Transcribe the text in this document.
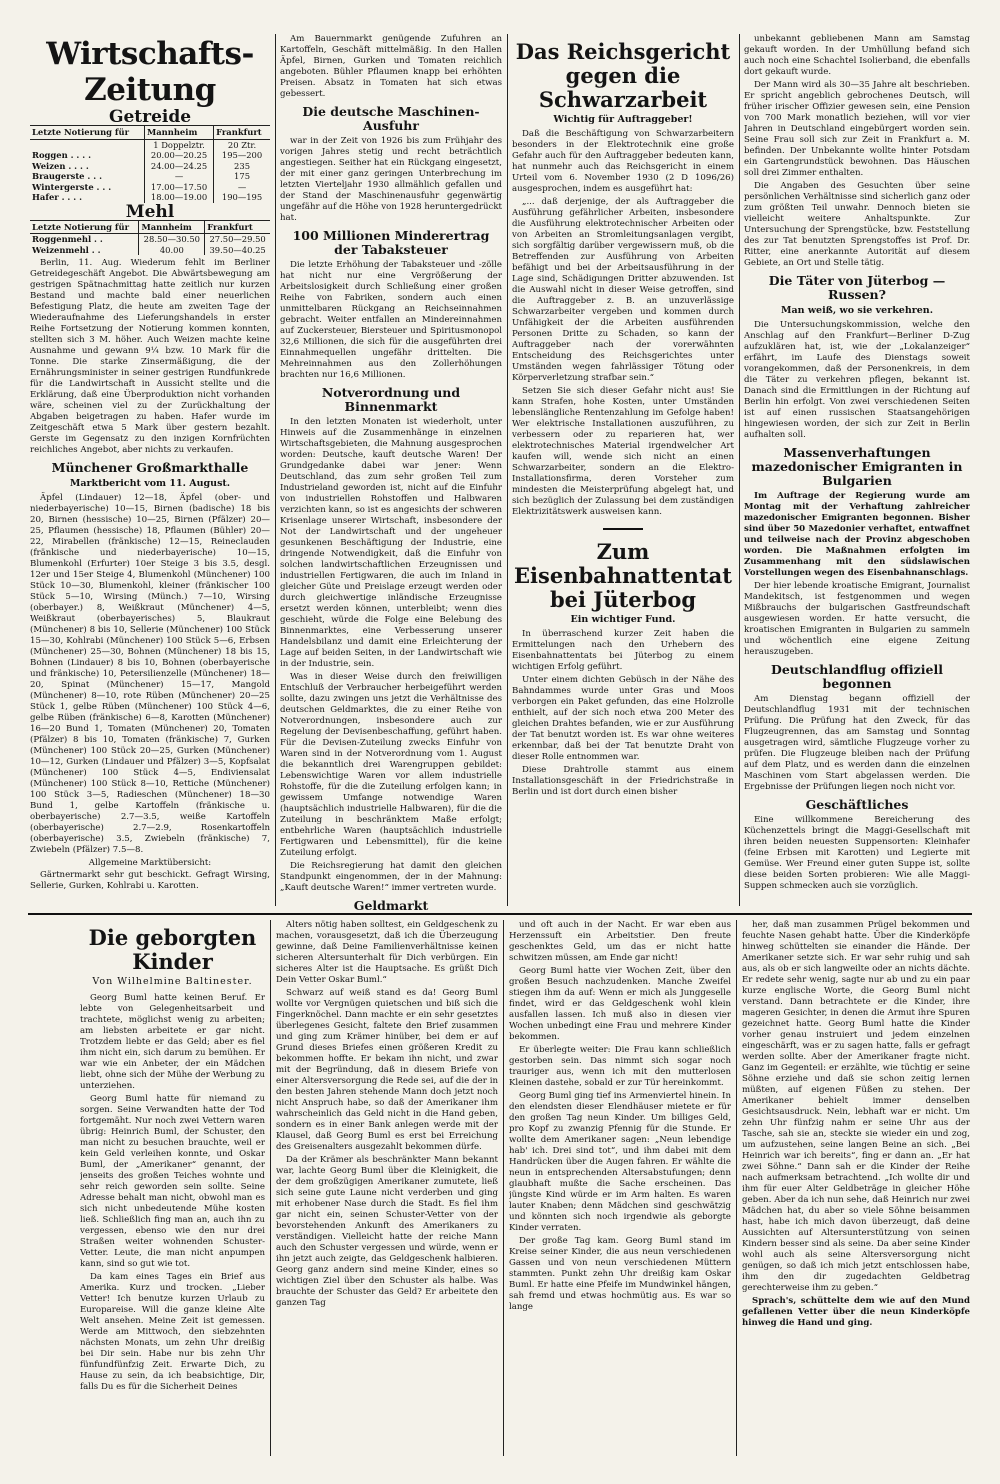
Wirtschafts-Zeitung
Getreide
Letzte Notierung für	Mannheim	Frankfurt
	1 Doppelztr.	20 Ztr.
Roggen . . . .	20.00—20.25	195—200
Weizen . . . .	24.00—24.25	235
Braugerste . . .	—	175
Wintergerste . . .	17.00—17.50	—
Hafer . . . .	18.00—19.00	190—195
Mehl
Letzte Notierung für	Mannheim	Frankfurt
Roggenmehl . .	28.50—30.50	27.50—29.50
Weizenmehl . .	40.00	39.50—40.25

Berlin, 11. Aug. Wiederum fehlt im Berliner Getreidegeschäft Angebot. Die Abwärtsbewegung am gestrigen Spätnachmittag hatte zeitlich nur kurzen Bestand und machte bald einer neuerlichen Befestigung Platz, die heute am zweiten Tage der Wiederaufnahme des Lieferungshandels in erster Reihe Fortsetzung der Notierung kommen konnten, stellten sich 3 M. höher. Auch Weizen machte keine Ausnahme und gewann 9¼ bzw. 10 Mark für die Tonne. Die starke Zinsermäßigung, die der Ernährungsminister in seiner gestrigen Rundfunkrede für die Landwirtschaft in Aussicht stellte und die Erklärung, daß eine Überproduktion nicht vorhanden wäre, scheinen viel zu der Zurückhaltung der Abgaben beigetragen zu haben. Hafer wurde im Zeitgeschäft etwa 5 Mark über gestern bezahlt. Gerste im Gegensatz zu den inzigen Kornfrüchten reichliches Angebot, aber nichts zu verkaufen.

Münchener Großmarkthalle
Marktbericht vom 11. August.

Äpfel (Lindauer) 12—18, Äpfel (ober- und niederbayerische) 10—15, Birnen (badische) 18 bis 20, Birnen (hessische) 10—25, Birnen (Pfälzer) 20—25, Pflaumen (hessische) 18, Pflaumen (Bühler) 20—22, Mirabellen (fränkische) 12—15, Reineclauden (fränkische und niederbayerische) 10—15, Blumenkohl (Erfurter) 10er Steige 3 bis 3.5, desgl. 12er und 15er Steige 4, Blumenkohl (Münchener) 100 Stück 10—30, Blumenkohl, kleiner (fränkischer 100 Stück 5—10, Wirsing (Münch.) 7—10, Wirsing (oberbayer.) 8, Weißkraut (Münchener) 4—5, Weißkraut (oberbayerisches) 5, Blaukraut (Münchener) 8 bis 10, Sellerie (Münchener) 100 Stück 15—30, Kohlrabi (Münchener) 100 Stück 5—6, Erbsen (Münchener) 25—30, Bohnen (Münchener) 18 bis 15, Bohnen (Lindauer) 8 bis 10, Bohnen (oberbayerische und fränkische) 10, Petersilienzelle (Münchener) 18—20, Spinat (Münchener) 15—17, Mangold (Münchener) 8—10, rote Rüben (Münchener) 20—25 Stück 1, gelbe Rüben (Münchener) 100 Stück 4—6, gelbe Rüben (fränkische) 6—8, Karotten (Münchener) 16—20 Bund 1, Tomaten (Münchener) 20, Tomaten (Pfälzer) 8 bis 10, Tomaten (fränkische) 7, Gurken (Münchener) 100 Stück 20—25, Gurken (Münchener) 10—12, Gurken (Lindauer und Pfälzer) 3—5, Kopfsalat (Münchener) 100 Stück 4—5, Endiviensalat (Münchener) 100 Stück 8—10, Rettiche (Münchener) 100 Stück 3—5, Radieschen (Münchener) 18—30 Bund 1, gelbe Kartoffeln (fränkische u. oberbayerische) 2.7—3.5, weiße Kartoffeln (oberbayerische) 2.7—2.9, Rosenkartoffeln (oberbayerische) 3.5, Zwiebeln (fränkische) 7, Zwiebeln (Pfälzer) 7.5—8.

Allgemeine Marktübersicht:

Gärtnermarkt sehr gut beschickt. Gefragt Wirsing, Sellerie, Gurken, Kohlrabi u. Karotten.

Am Bauernmarkt genügende Zufuhren an Kartoffeln, Geschäft mittelmäßig. In den Hallen Äpfel, Birnen, Gurken und Tomaten reichlich angeboten. Bühler Pflaumen knapp bei erhöhten Preisen. Absatz in Tomaten hat sich etwas gebessert.

Die deutsche Maschinen-Ausfuhr

war in der Zeit von 1926 bis zum Frühjahr des vorigen Jahres stetig und recht beträchtlich angestiegen. Seither hat ein Rückgang eingesetzt, der mit einer ganz geringen Unterbrechung im letzten Vierteljahr 1930 allmählich gefallen und der Stand der Maschinenausfuhr gegenwärtig ungefähr auf die Höhe von 1928 heruntergedrückt hat.

100 Millionen Minderertrag der Tabaksteuer

Die letzte Erhöhung der Tabaksteuer und -zölle hat nicht nur eine Vergrößerung der Arbeitslosigkeit durch Schließung einer großen Reihe von Fabriken, sondern auch einen unmittelbaren Rückgang an Reichseinnahmen gebracht. Weiter entfallen an Mindereinnahmen auf Zuckersteuer, Biersteuer und Spiritusmonopol 32,6 Millionen, die sich für die ausgeführten drei Einnahmequellen ungefähr drittelten. Die Mehreinnahmen aus den Zollerhöhungen brachten nur 16,6 Millionen.

Notverordnung und Binnenmarkt

In den letzten Monaten ist wiederholt, unter Hinweis auf die Zusammenhänge in einzelnen Wirtschaftsgebieten, die Mahnung ausgesprochen worden: Deutsche, kauft deutsche Waren! Der Grundgedanke dabei war jener: Wenn Deutschland, das zum sehr großen Teil zum Industrieland geworden ist, nicht auf die Einfuhr von industriellen Rohstoffen und Halbwaren verzichten kann, so ist es angesichts der schweren Krisenlage unserer Wirtschaft, insbesondere der Not der Landwirtschaft und der ungeheuer gesunkenen Beschäftigung der Industrie, eine dringende Notwendigkeit, daß die Einfuhr von solchen landwirtschaftlichen Erzeugnissen und industriellen Fertigwaren, die auch im Inland in gleicher Güte und Preislage erzeugt werden oder durch gleichwertige inländische Erzeugnisse ersetzt werden können, unterbleibt; wenn dies geschieht, würde die Folge eine Belebung des Binnenmarktes, eine Verbesserung unserer Handelsbilanz und damit eine Erleichterung der Lage auf beiden Seiten, in der Landwirtschaft wie in der Industrie, sein.

Was in dieser Weise durch den freiwilligen Entschluß der Verbraucher herbeigeführt werden sollte, dazu zwingen uns jetzt die Verhältnisse des deutschen Geldmarktes, die zu einer Reihe von Notverordnungen, insbesondere auch zur Regelung der Devisenbeschaffung, geführt haben. Für die Devisen-Zuteilung zwecks Einfuhr von Waren sind in der Notverordnung vom 1. August die bekanntlich drei Warengruppen gebildet: Lebenswichtige Waren vor allem industrielle Rohstoffe, für die die Zuteilung erfolgen kann; in gewissem Umfange notwendige Waren (hauptsächlich industrielle Halbwaren), für die die Zuteilung in beschränktem Maße erfolgt; entbehrliche Waren (hauptsächlich industrielle Fertigwaren und Lebensmittel), für die keine Zuteilung erfolgt.

Die Reichsregierung hat damit den gleichen Standpunkt eingenommen, der in der Mahnung: „Kauft deutsche Waren!“ immer vertreten wurde.

Geldmarkt

Das Reichsgericht gegen die Schwarzarbeit
Wichtig für Auftraggeber!

Daß die Beschäftigung von Schwarzarbeitern besonders in der Elektrotechnik eine große Gefahr auch für den Auftraggeber bedeuten kann, hat nunmehr auch das Reichsgericht in einem Urteil vom 6. November 1930 (2 D 1096/26) ausgesprochen, indem es ausgeführt hat:

„... daß derjenige, der als Auftraggeber die Ausführung gefährlicher Arbeiten, insbesondere die Ausführung elektrotechnischer Arbeiten oder von Arbeiten an Stromleitungsanlagen vergibt, sich sorgfältig darüber vergewissern muß, ob die Betreffenden zur Ausführung von Arbeiten befähigt und bei der Arbeitsausführung in der Lage sind, Schädigungen Dritter abzuwenden. Ist die Auswahl nicht in dieser Weise getroffen, sind die Auftraggeber z. B. an unzuverlässige Schwarzarbeiter vergeben und kommen durch Unfähigkeit der die Arbeiten ausführenden Personen Dritte zu Schaden, so kann der Auftraggeber nach der vorerwähnten Entscheidung des Reichsgerichtes unter Umständen wegen fahrlässiger Tötung oder Körperverletzung strafbar sein.“

Setzen Sie sich dieser Gefahr nicht aus! Sie kann Strafen, hohe Kosten, unter Umständen lebenslängliche Rentenzahlung im Gefolge haben! Wer elektrische Installationen auszuführen, zu verbessern oder zu reparieren hat, wer elektrotechnisches Material irgendwelcher Art kaufen will, wende sich nicht an einen Schwarzarbeiter, sondern an die Elektro-Installationsfirma, deren Vorsteher zum mindesten die Meisterprüfung abgelegt hat, und sich bezüglich der Zulassung bei dem zuständigen Elektrizitätswerk ausweisen kann.

Zum Eisenbahnattentat bei Jüterbog
Ein wichtiger Fund.

In überraschend kurzer Zeit haben die Ermittelungen nach den Urhebern des Eisenbahnattentats bei Jüterbog zu einem wichtigen Erfolg geführt.

Unter einem dichten Gebüsch in der Nähe des Bahndammes wurde unter Gras und Moos verborgen ein Paket gefunden, das eine Holzrolle enthielt, auf der sich noch etwa 200 Meter des gleichen Drahtes befanden, wie er zur Ausführung der Tat benutzt worden ist. Es war ohne weiteres erkennbar, daß bei der Tat benutzte Draht von dieser Rolle entnommen war.

Diese Drahtrolle stammt aus einem Installationsgeschäft in der Friedrichstraße in Berlin und ist dort durch einen bisher

unbekannt gebliebenen Mann am Samstag gekauft worden. In der Umhüllung befand sich auch noch eine Schachtel Isolierband, die ebenfalls dort gekauft wurde.

Der Mann wird als 30—35 Jahre alt beschrieben. Er spricht angeblich gebrochenes Deutsch, will früher irischer Offizier gewesen sein, eine Pension von 700 Mark monatlich beziehen, will vor vier Jahren in Deutschland eingebürgert worden sein. Seine Frau soll sich zur Zeit in Frankfurt a. M. befinden. Der Unbekannte wollte hinter Potsdam ein Gartengrundstück bewohnen. Das Häuschen soll drei Zimmer enthalten.

Die Angaben des Gesuchten über seine persönlichen Verhältnisse sind sicherlich ganz oder zum größten Teil unwahr. Dennoch bieten sie vielleicht weitere Anhaltspunkte. Zur Untersuchung der Sprengstücke, bzw. Feststellung des zur Tat benutzten Sprengstoffes ist Prof. Dr. Ritter, eine anerkannte Autorität auf diesem Gebiete, an Ort und Stelle tätig.

Die Täter von Jüterbog — Russen?
Man weiß, wo sie verkehren.

Die Untersuchungskommission, welche den Anschlag auf den Frankfurt—Berliner D-Zug aufzuklären hat, ist, wie der „Lokalanzeiger“ erfährt, im Laufe des Dienstags soweit vorangekommen, daß der Personenkreis, in dem die Täter zu verkehren pflegen, bekannt ist. Danach sind die Ermittlungen in der Richtung auf Berlin hin erfolgt. Von zwei verschiedenen Seiten ist auf einen russischen Staatsangehörigen hingewiesen worden, der sich zur Zeit in Berlin aufhalten soll.

Massenverhaftungen mazedonischer Emigranten in Bulgarien

Im Auftrage der Regierung wurde am Montag mit der Verhaftung zahlreicher mazedonischer Emigranten begonnen. Bisher sind über 50 Mazedonier verhaftet, entwaffnet und teilweise nach der Provinz abgeschoben worden. Die Maßnahmen erfolgten im Zusammenhang mit den südslawischen Vorstellungen wegen des Eisenbahnanschlags.

Der hier lebende kroatische Emigrant, Journalist Mandekitsch, ist festgenommen und wegen Mißbrauchs der bulgarischen Gastfreundschaft ausgewiesen worden. Er hatte versucht, die kroatischen Emigranten in Bulgarien zu sammeln und wöchentlich eine eigene Zeitung herauszugeben.

Deutschlandflug offiziell begonnen

Am Dienstag begann offiziell der Deutschlandflug 1931 mit der technischen Prüfung. Die Prüfung hat den Zweck, für das Flugzeugrennen, das am Samstag und Sonntag ausgetragen wird, sämtliche Flugzeuge vorher zu prüfen. Die Flugzeuge bleiben nach der Prüfung auf dem Platz, und es werden dann die einzelnen Maschinen vom Start abgelassen werden. Die Ergebnisse der Prüfungen liegen noch nicht vor.

Geschäftliches

Eine willkommene Bereicherung des Küchenzettels bringt die Maggi-Gesellschaft mit ihren beiden neuesten Suppensorten: Kleinhafer (feine Erbsen mit Karotten) und Legierte mit Gemüse. Wer Freund einer guten Suppe ist, sollte diese beiden Sorten probieren: Wie alle Maggi-Suppen schmecken auch sie vorzüglich.

Die geborgten Kinder
Von Wilhelmine Baltinester.

Georg Buml hatte keinen Beruf. Er lebte von Gelegenheitsarbeit und trachtete, möglichst wenig zu arbeiten; am liebsten arbeitete er gar nicht. Trotzdem liebte er das Geld; aber es fiel ihm nicht ein, sich darum zu bemühen. Er war wie ein Anbeter, der ein Mädchen liebt, ohne sich der Mühe der Werbung zu unterziehen.

Georg Buml hatte für niemand zu sorgen. Seine Verwandten hatte der Tod fortgemäht. Nur noch zwei Vettern waren übrig: Heinrich Buml, der Schuster, den man nicht zu besuchen brauchte, weil er kein Geld verleihen konnte, und Oskar Buml, der „Amerikaner“ genannt, der jenseits des großen Teiches wohnte und sehr reich geworden sein sollte. Seine Adresse behalt man nicht, obwohl man es sich nicht unbedeutende Mühe kosten ließ. Schließlich fing man an, auch ihn zu vergessen, ebenso wie den nur drei Straßen weiter wohnenden Schuster-Vetter. Leute, die man nicht anpumpen kann, sind so gut wie tot.

Da kam eines Tages ein Brief aus Amerika. Kurz und trocken. „Lieber Vetter! Ich benutze kurzen Urlaub zu Europareise. Will die ganze kleine Alte Welt ansehen. Meine Zeit ist gemessen. Werde am Mittwoch, den siebzehnten nächsten Monats, um zehn Uhr dreißig bei Dir sein. Habe nur bis zehn Uhr fünfundfünfzig Zeit. Erwarte Dich, zu Hause zu sein, da ich beabsichtige, Dir, falls Du es für die Sicherheit Deines

Alters nötig haben solltest, ein Geldgeschenk zu machen, vorausgesetzt, daß ich die Überzeugung gewinne, daß Deine Familienverhältnisse keinen sicheren Altersunterhalt für Dich verbürgen. Ein sicheres Alter ist die Hauptsache. Es grüßt Dich Dein Vetter Oskar Buml.“

Schwarz auf weiß stand es da! Georg Buml wollte vor Vergnügen quietschen und biß sich die Fingerknöchel. Dann machte er ein sehr gesetztes überlegenes Gesicht, faltete den Brief zusammen und ging zum Krämer hinüber, bei dem er auf Grund dieses Briefes einen größeren Kredit zu bekommen hoffte. Er bekam ihn nicht, und zwar mit der Begründung, daß in diesem Briefe von einer Altersversorgung die Rede sei, auf die der in den besten Jahren stehende Mann doch jetzt noch nicht Anspruch habe, so daß der Amerikaner ihm wahrscheinlich das Geld nicht in die Hand geben, sondern es in einer Bank anlegen werde mit der Klausel, daß Georg Buml es erst bei Erreichung des Greisenalters ausgezahlt bekommen dürfe.

Da der Krämer als beschränkter Mann bekannt war, lachte Georg Buml über die Kleinigkeit, die der dem großzügigen Amerikaner zumutete, ließ sich seine gute Laune nicht verderben und ging mit erhobener Nase durch die Stadt. Es fiel ihm gar nicht ein, seinen Schuster-Vetter von der bevorstehenden Ankunft des Amerikaners zu verständigen. Vielleicht hatte der reiche Mann auch den Schuster vergessen und würde, wenn er ihn jetzt auch zeigte, das Geldgeschenk halbieren. Georg ganz andern sind meine Kinder, eines so wichtigen Ziel über den Schuster als halbe. Was brauchte der Schuster das Geld? Er arbeitete den ganzen Tag

und oft auch in der Nacht. Er war eben aus Herzenssuft ein Arbeitstier. Den freute geschenktes Geld, um das er nicht hatte schwitzen müssen, am Ende gar nicht!

Georg Buml hatte vier Wochen Zeit, über den großen Besuch nachzudenken. Manche Zweifel stiegen ihm da auf: Wenn er mich als Junggeselle findet, wird er das Geldgeschenk wohl klein ausfallen lassen. Ich muß also in diesen vier Wochen unbedingt eine Frau und mehrere Kinder bekommen.

Er überlegte weiter: Die Frau kann schließlich gestorben sein. Das nimmt sich sogar noch trauriger aus, wenn ich mit den mutterlosen Kleinen dastehe, sobald er zur Tür hereinkommt.

Georg Buml ging tief ins Armenviertel hinein. In den elendsten dieser Elendhäuser mietete er für den großen Tag neun Kinder. Um billiges Geld, pro Kopf zu zwanzig Pfennig für die Stunde. Er wollte dem Amerikaner sagen: „Neun lebendige hab' ich. Drei sind tot“, und ihm dabei mit dem Handrücken über die Augen fahren. Er wählte die neun in entsprechenden Altersabstufungen; denn glaubhaft mußte die Sache erscheinen. Das jüngste Kind würde er im Arm halten. Es waren lauter Knaben; denn Mädchen sind geschwätzig und könnten sich noch irgendwie als geborgte Kinder verraten.

Der große Tag kam. Georg Buml stand im Kreise seiner Kinder, die aus neun verschiedenen Gassen und von neun verschiedenen Müttern stammten. Punkt zehn Uhr dreißig kam Oskar Buml. Er hatte eine Pfeife im Mundwinkel hängen, sah fremd und etwas hochmütig aus. Es war so lange

her, daß man zusammen Prügel bekommen und feuchte Nasen gehabt hatte. Über die Kinderköpfe hinweg schüttelten sie einander die Hände. Der Amerikaner setzte sich. Er war sehr ruhig und sah aus, als ob er sich langweilte oder an nichts dächte. Er redete sehr wenig, sagte nur ab und zu ein paar kurze englische Worte, die Georg Buml nicht verstand. Dann betrachtete er die Kinder, ihre mageren Gesichter, in denen die Armut ihre Spuren gezeichnet hatte. Georg Buml hatte die Kinder vorher genau instruiert und jedem einzelnen eingeschärft, was er zu sagen hatte, falls er gefragt werden sollte. Aber der Amerikaner fragte nicht. Ganz im Gegenteil: er erzählte, wie tüchtig er seine Söhne erziehe und daß sie schon zeitig lernen müßten, auf eigenen Füßen zu stehen. Der Amerikaner behielt immer denselben Gesichtsausdruck. Nein, lebhaft war er nicht. Um zehn Uhr fünfzig nahm er seine Uhr aus der Tasche, sah sie an, steckte sie wieder ein und zog, um aufzustehen, seine langen Beine an sich. „Bei Heinrich war ich bereits“, fing er dann an. „Er hat zwei Söhne.“ Dann sah er die Kinder der Reihe nach aufmerksam betrachtend. „Ich wollte dir und ihm für euer Alter Geldbeträge in gleicher Höhe geben. Aber da ich nun sehe, daß Heinrich nur zwei Mädchen hat, du aber so viele Söhne beisammen hast, habe ich mich davon überzeugt, daß deine Aussichten auf Altersunterstützung von seinen Kindern besser sind als seine. Da aber seine Kinder wohl auch als seine Altersversorgung nicht genügen, so daß ich mich jetzt entschlossen habe, ihm den dir zugedachten Geldbetrag gerechterweise ihm zu geben.“

Sprach's, schüttelte dem wie auf den Mund gefallenen Vetter über die neun Kinderköpfe hinweg die Hand und ging.
